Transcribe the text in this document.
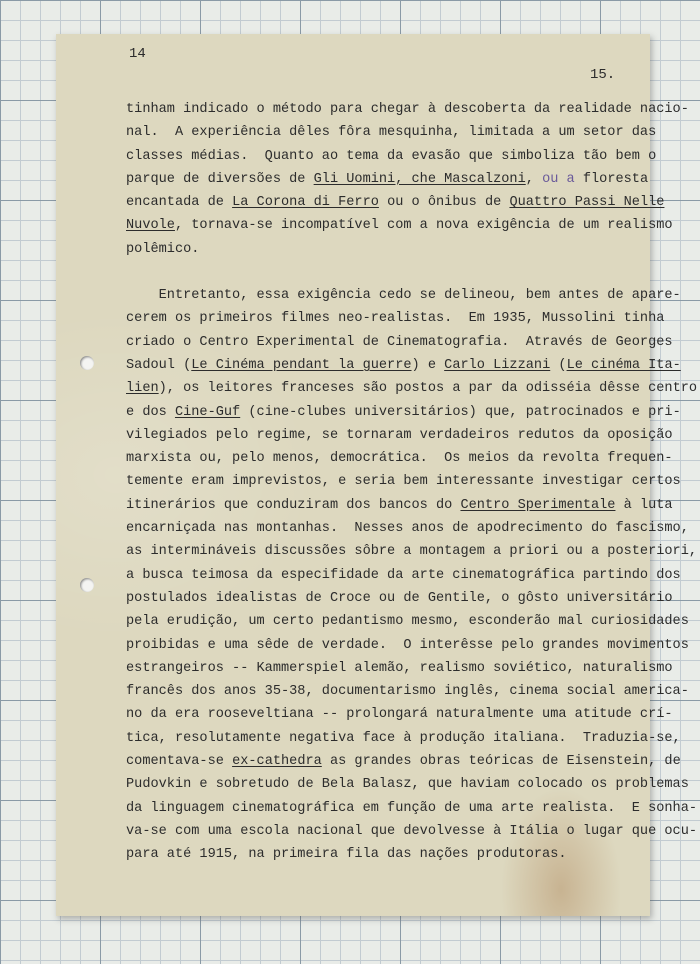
14
15.
tinham indicado o método para chegar à descoberta da realidade nacio-
nal.  A experiência dêles fôra mesquinha, limitada a um setor das
classes médias.  Quanto ao tema da evasão que simboliza tão bem o
parque de diversões de Gli Uomini, che Mascalzoni, ou a floresta
encantada de La Corona di Ferro ou o ônibus de Quattro Passi Nelle
Nuvole, tornava-se incompatível com a nova exigência de um realismo
polêmico.
Entretanto, essa exigência cedo se delineou, bem antes de apare-
cerem os primeiros filmes neo-realistas.  Em 1935, Mussolini tinha
criado o Centro Experimental de Cinematografia.  Através de Georges
Sadoul (Le Cinéma pendant la guerre) e Carlo Lizzani (Le cinéma Ita-
lien), os leitores franceses são postos a par da odisséia dêsse centro
e dos Cine-Guf (cine-clubes universitários) que, patrocinados e pri-
vilegiados pelo regime, se tornaram verdadeiros redutos da oposição
marxista ou, pelo menos, democrática.  Os meios da revolta frequen-
temente eram imprevistos, e seria bem interessante investigar certos
itinerários que conduziram dos bancos do Centro Sperimentale à luta
encarniçada nas montanhas.  Nesses anos de apodrecimento do fascismo,
as intermináveis discussões sôbre a montagem a priori ou a posteriori,
a busca teimosa da especifidade da arte cinematográfica partindo dos
postulados idealistas de Croce ou de Gentile, o gôsto universitário
pela erudição, um certo pedantismo mesmo, esconderão mal curiosidades
proibidas e uma sêde de verdade.  O interêsse pelo grandes movimentos
estrangeiros -- Kammerspiel alemão, realismo soviético, naturalismo
francês dos anos 35-38, documentarismo inglês, cinema social america-
no da era rooseveltiana -- prolongará naturalmente uma atitude crí-
tica, resolutamente negativa face à produção italiana.  Traduzia-se,
comentava-se ex-cathedra as grandes obras teóricas de Eisenstein, de
Pudovkin e sobretudo de Bela Balasz, que haviam colocado os problemas
da linguagem cinematográfica em função de uma arte realista.  E sonha-
va-se com uma escola nacional que devolvesse à Itália o lugar que ocu-
para até 1915, na primeira fila das nações produtoras.
